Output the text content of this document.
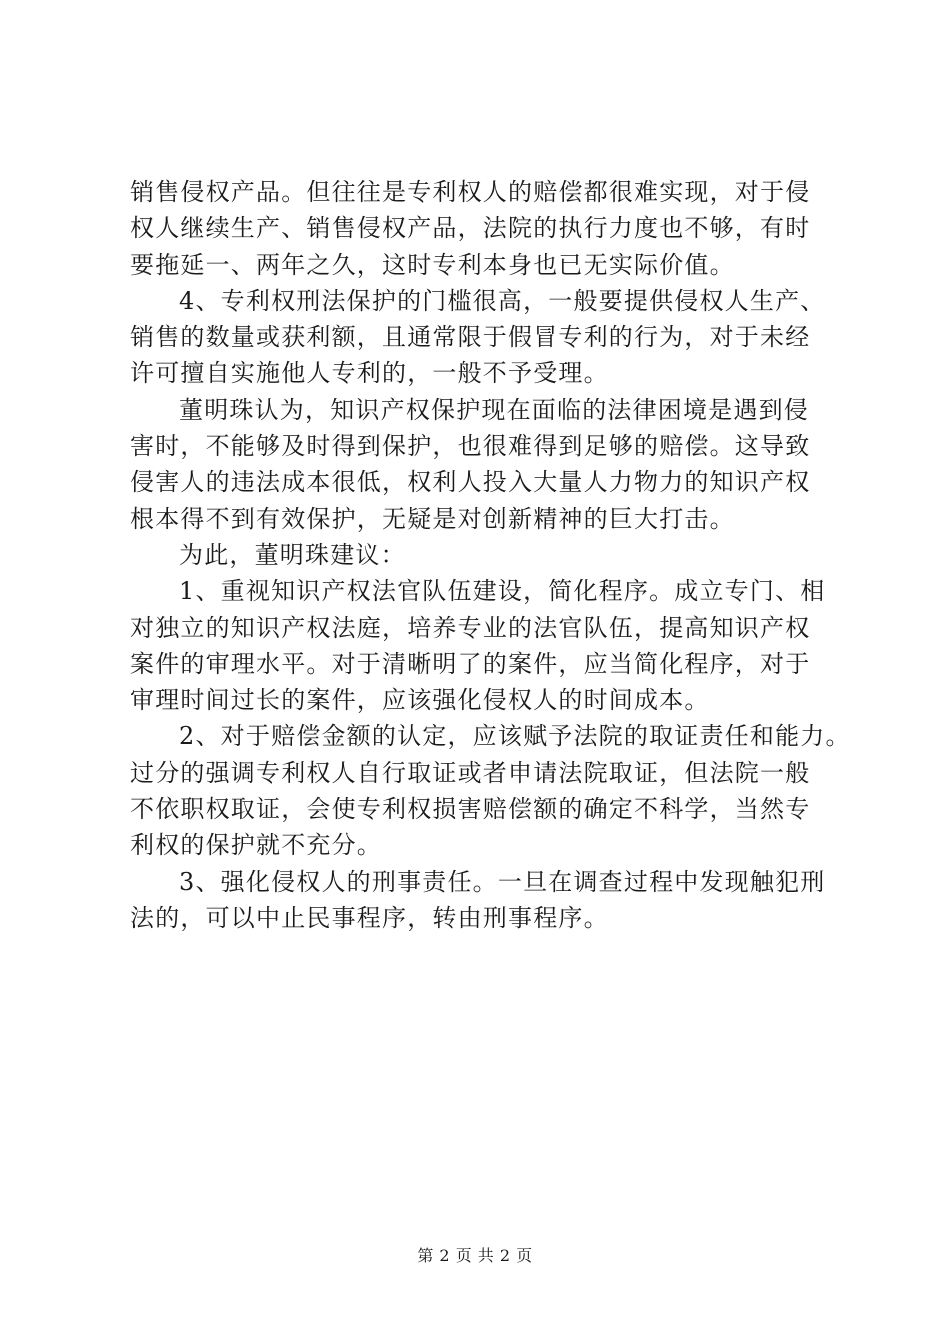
销售侵权产品。但往往是专利权人的赔偿都很难实现，对于侵
权人继续生产、销售侵权产品，法院的执行力度也不够，有时
要拖延一、两年之久，这时专利本身也已无实际价值。
4、专利权刑法保护的门槛很高，一般要提供侵权人生产、
销售的数量或获利额，且通常限于假冒专利的行为，对于未经
许可擅自实施他人专利的，一般不予受理。
董明珠认为，知识产权保护现在面临的法律困境是遇到侵
害时，不能够及时得到保护，也很难得到足够的赔偿。这导致
侵害人的违法成本很低，权利人投入大量人力物力的知识产权
根本得不到有效保护，无疑是对创新精神的巨大打击。
为此，董明珠建议：
1、重视知识产权法官队伍建设，简化程序。成立专门、相
对独立的知识产权法庭，培养专业的法官队伍，提高知识产权
案件的审理水平。对于清晰明了的案件，应当简化程序，对于
审理时间过长的案件，应该强化侵权人的时间成本。
2、对于赔偿金额的认定，应该赋予法院的取证责任和能力。
过分的强调专利权人自行取证或者申请法院取证，但法院一般
不依职权取证，会使专利权损害赔偿额的确定不科学，当然专
利权的保护就不充分。
3、强化侵权人的刑事责任。一旦在调查过程中发现触犯刑
法的，可以中止民事程序，转由刑事程序。
第 2 页 共 2 页
